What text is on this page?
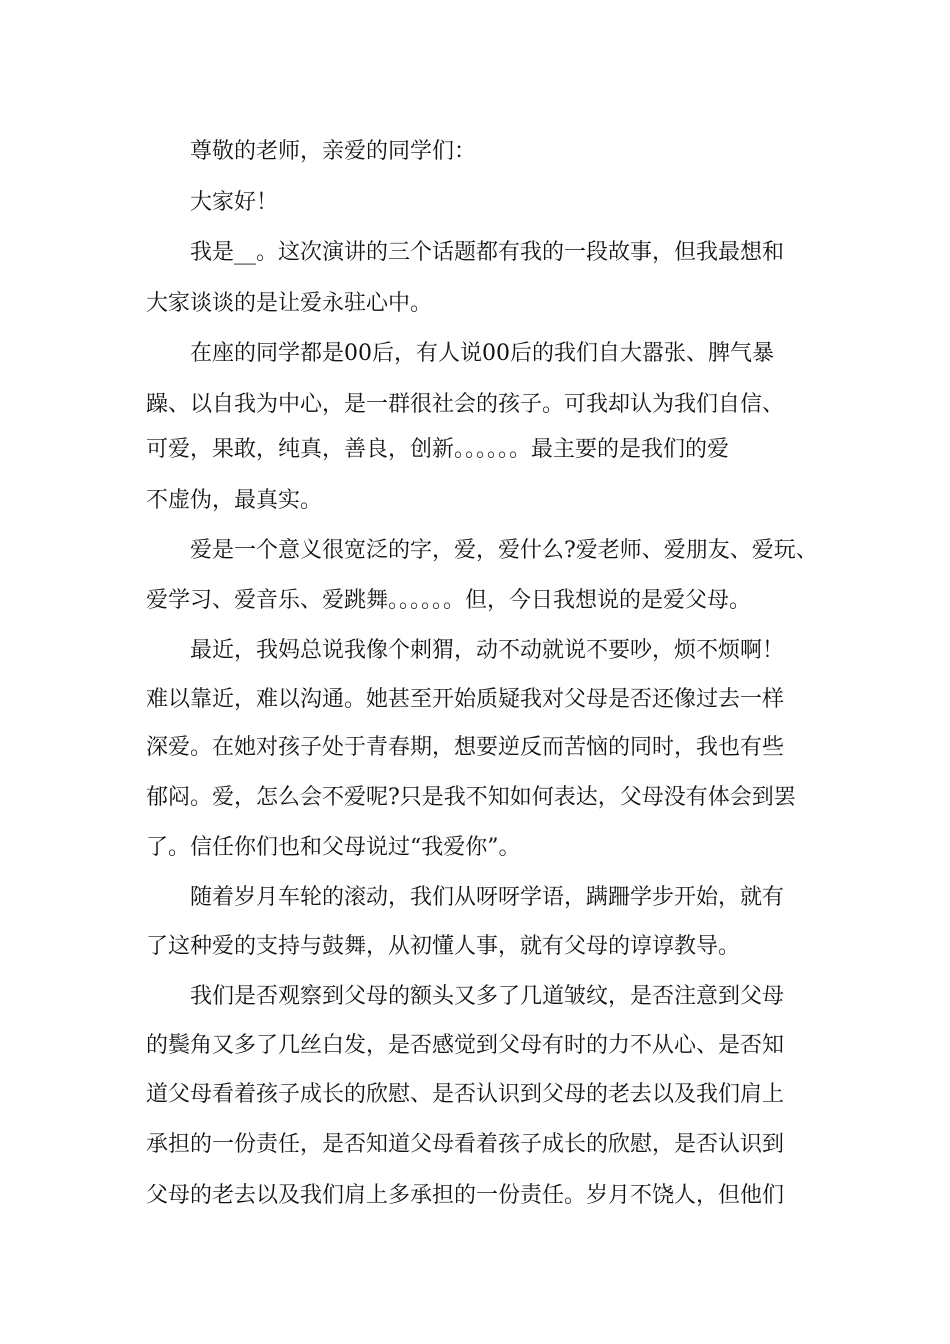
尊敬的老师，亲爱的同学们：
大家好！
我是__。这次演讲的三个话题都有我的一段故事，但我最想和
大家谈谈的是让爱永驻心中。
在座的同学都是00后，有人说00后的我们自大嚣张、脾气暴
躁、以自我为中心，是一群很社会的孩子。可我却认为我们自信、
可爱，果敢，纯真，善良，创新。。。。。。最主要的是我们的爱
不虚伪，最真实。
爱是一个意义很宽泛的字，爱，爱什么?爱老师、爱朋友、爱玩、
爱学习、爱音乐、爱跳舞。。。。。。但，今日我想说的是爱父母。
最近，我妈总说我像个刺猬，动不动就说不要吵，烦不烦啊！
难以靠近，难以沟通。她甚至开始质疑我对父母是否还像过去一样
深爱。在她对孩子处于青春期，想要逆反而苦恼的同时，我也有些
郁闷。爱，怎么会不爱呢?只是我不知如何表达，父母没有体会到罢
了。信任你们也和父母说过“我爱你”。
随着岁月车轮的滚动，我们从呀呀学语，蹒跚学步开始，就有
了这种爱的支持与鼓舞，从初懂人事，就有父母的谆谆教导。
我们是否观察到父母的额头又多了几道皱纹，是否注意到父母
的鬓角又多了几丝白发，是否感觉到父母有时的力不从心、是否知
道父母看着孩子成长的欣慰、是否认识到父母的老去以及我们肩上
承担的一份责任，是否知道父母看着孩子成长的欣慰，是否认识到
父母的老去以及我们肩上多承担的一份责任。岁月不饶人，但他们
